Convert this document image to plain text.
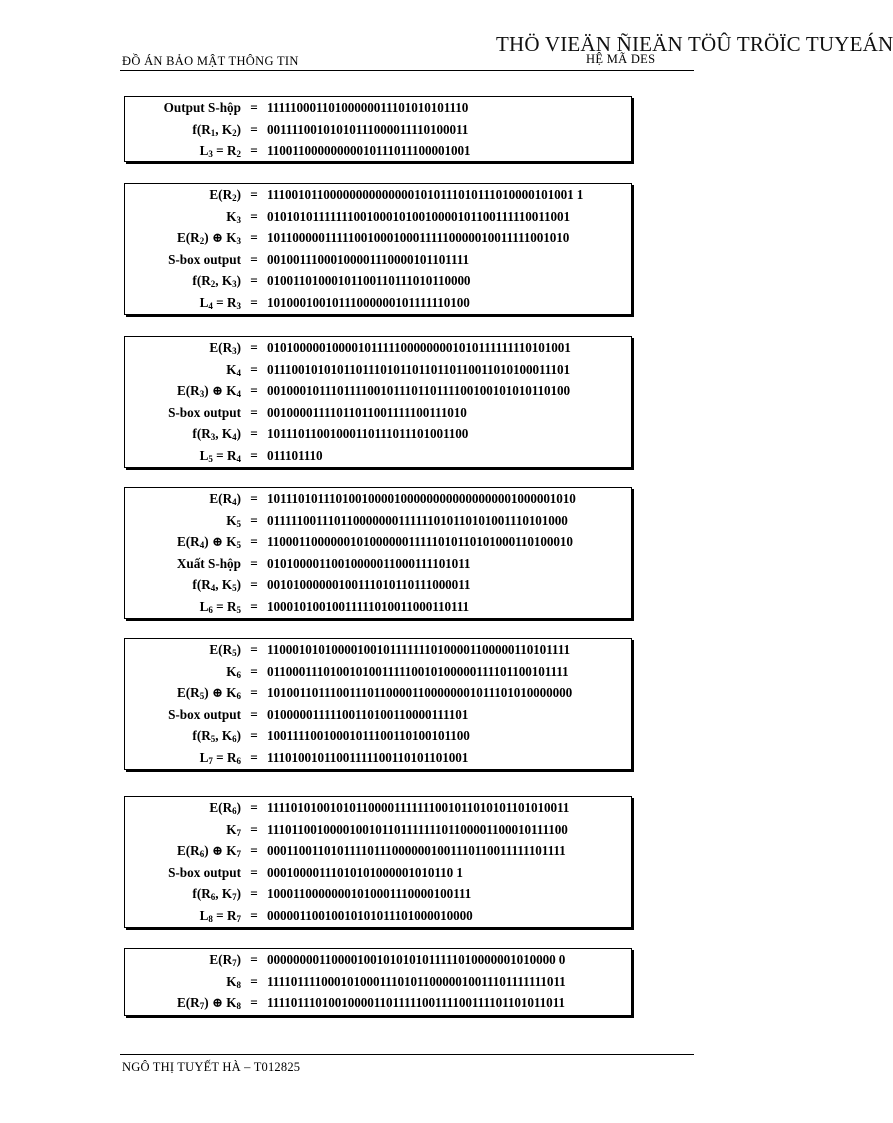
THÖ VIEÄN ÑIEÄN TÖÛ TRÖÏC TUYEÁN
ĐỒ ÁN BẢO MẬT THÔNG TIN	HỆ MÃ DES
Output S-hộp = 11111000110100000011101010101110
$f(R_1$, $K_2) = 00111100101010111000011110100011$
$L_3 = R_2 = 11001100000000010111011100001001$
$E(R_2) = 111001011000000000000001010111010111010000101001$ 1
$K_3 = 010101011111110010001010010000101100111110011001$
$E(R_2)$ ⊕ $K_3 = 101100000111110010001000111110000010011111001010$
S-box output = 00100111000100001110000101101111
$f(R_2$, $K_3) = 01001101000101100110111010110000$
$L_4 = R_3 = 10100010010111000000101111110100$
$E(R_3) = 010100000100001011111000000001010111111110101001$
$K_4 = 011100101010110111010110110110110011010100011101$
$E(R_3)$ ⊕ $K_4 = 001000101110111100101110110111100100101010110100$
S-box output = 00100001111011011001111100111010
$f(R_3$, $K_4) = 10111011001000110111011101001100$
$L_5 = R_4 = 011101110$
$E(R_4) = 101110101110100100001000000000000000001000001010$
$K_5 = 011111001110110000000111111010110101001110101000$
$E(R_4)$ ⊕ $K_5 = 110001100000010100000011111010110101000110100010$
Xuất S-hộp = 01010000110010000011000111101011
$f(R_4$, $K_5) = 00101000000100111010110111000011$
$L_6 = R_5 = 10001010010011111010011000110111$
$E(R_5) = 110001010100001001011111110100001100000110101111$
$K_6 = 011000111010010100111110010100000111101100101111$
$E(R_5)$ ⊕ $K_6 = 101001101110011101100001100000001011101010000000$
S-box output = 01000001111100110100110000111101
$f(R_5$, $K_6) = 10011110010001011100110100101100$
$L_7 = R_6 = 11101001011001111100110101101001$
$E(R_6) = 111101010010101100001111111001011010101101010011$
$K_7 = 111011001000010010110111111101100001100010111100$
$E(R_6)$ ⊕ $K_7 = 000110011010111101110000001001110110011111101111$
S-box output = 00010000111010101000001010110 1
$f(R_6$, $K_7) = 10001100000001010001110000100111$
$L_8 = R_7 = 00000110010010101011101000010000$
$E(R_7) = 000000001100001001010101011111010000001010000$ 0
$K_8 = 111101111000101000111010110000010011101111111011$
$E(R_7)$ ⊕ $K_8 = 111101110100100001101111100111100111101101011011$
NGÔ THỊ TUYẾT HÀ – T012825
